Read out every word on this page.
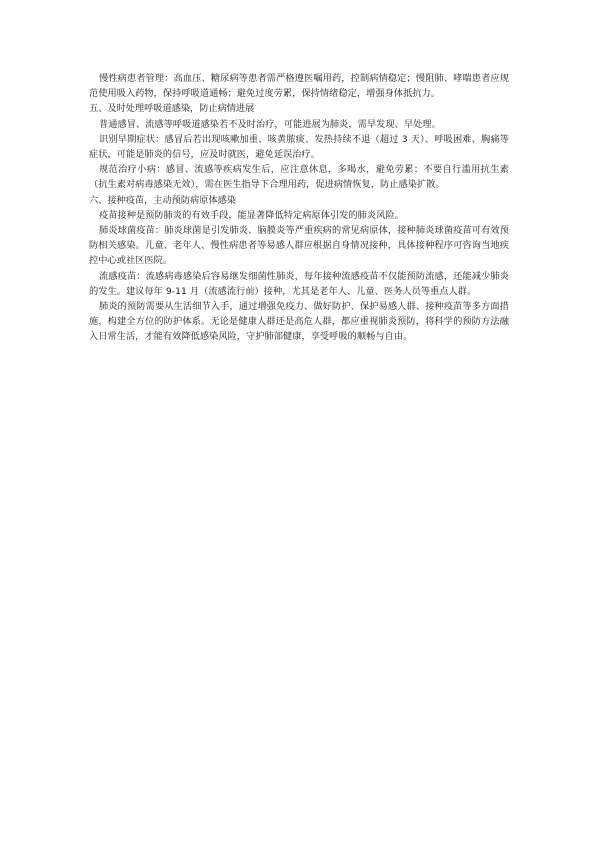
慢性病患者管理：高血压、糖尿病等患者需严格遵医嘱用药，控制病情稳定；慢阻肺、哮喘患者应规范使用吸入药物，保持呼吸道通畅；避免过度劳累，保持情绪稳定，增强身体抵抗力。

五、及时处理呼吸道感染，防止病情进展

普通感冒、流感等呼吸道感染若不及时治疗，可能进展为肺炎，需早发现、早处理。

识别早期症状：感冒后若出现咳嗽加重、咳黄脓痰、发热持续不退（超过 3 天）、呼吸困难、胸痛等症状，可能是肺炎的信号，应及时就医，避免延误治疗。

规范治疗小病：感冒、流感等疾病发生后，应注意休息，多喝水，避免劳累；不要自行滥用抗生素（抗生素对病毒感染无效），需在医生指导下合理用药，促进病情恢复，防止感染扩散。

六、接种疫苗，主动预防病原体感染

疫苗接种是预防肺炎的有效手段，能显著降低特定病原体引发的肺炎风险。

肺炎球菌疫苗：肺炎球菌是引发肺炎、脑膜炎等严重疾病的常见病原体，接种肺炎球菌疫苗可有效预防相关感染。儿童、老年人、慢性病患者等易感人群应根据自身情况接种，具体接种程序可咨询当地疾控中心或社区医院。

流感疫苗：流感病毒感染后容易继发细菌性肺炎，每年接种流感疫苗不仅能预防流感，还能减少肺炎的发生。建议每年 9-11 月（流感流行前）接种，尤其是老年人、儿童、医务人员等重点人群。

肺炎的预防需要从生活细节入手，通过增强免疫力、做好防护、保护易感人群、接种疫苗等多方面措施，构建全方位的防护体系。无论是健康人群还是高危人群，都应重视肺炎预防，将科学的预防方法融入日常生活，才能有效降低感染风险，守护肺部健康，享受呼吸的顺畅与自由。
